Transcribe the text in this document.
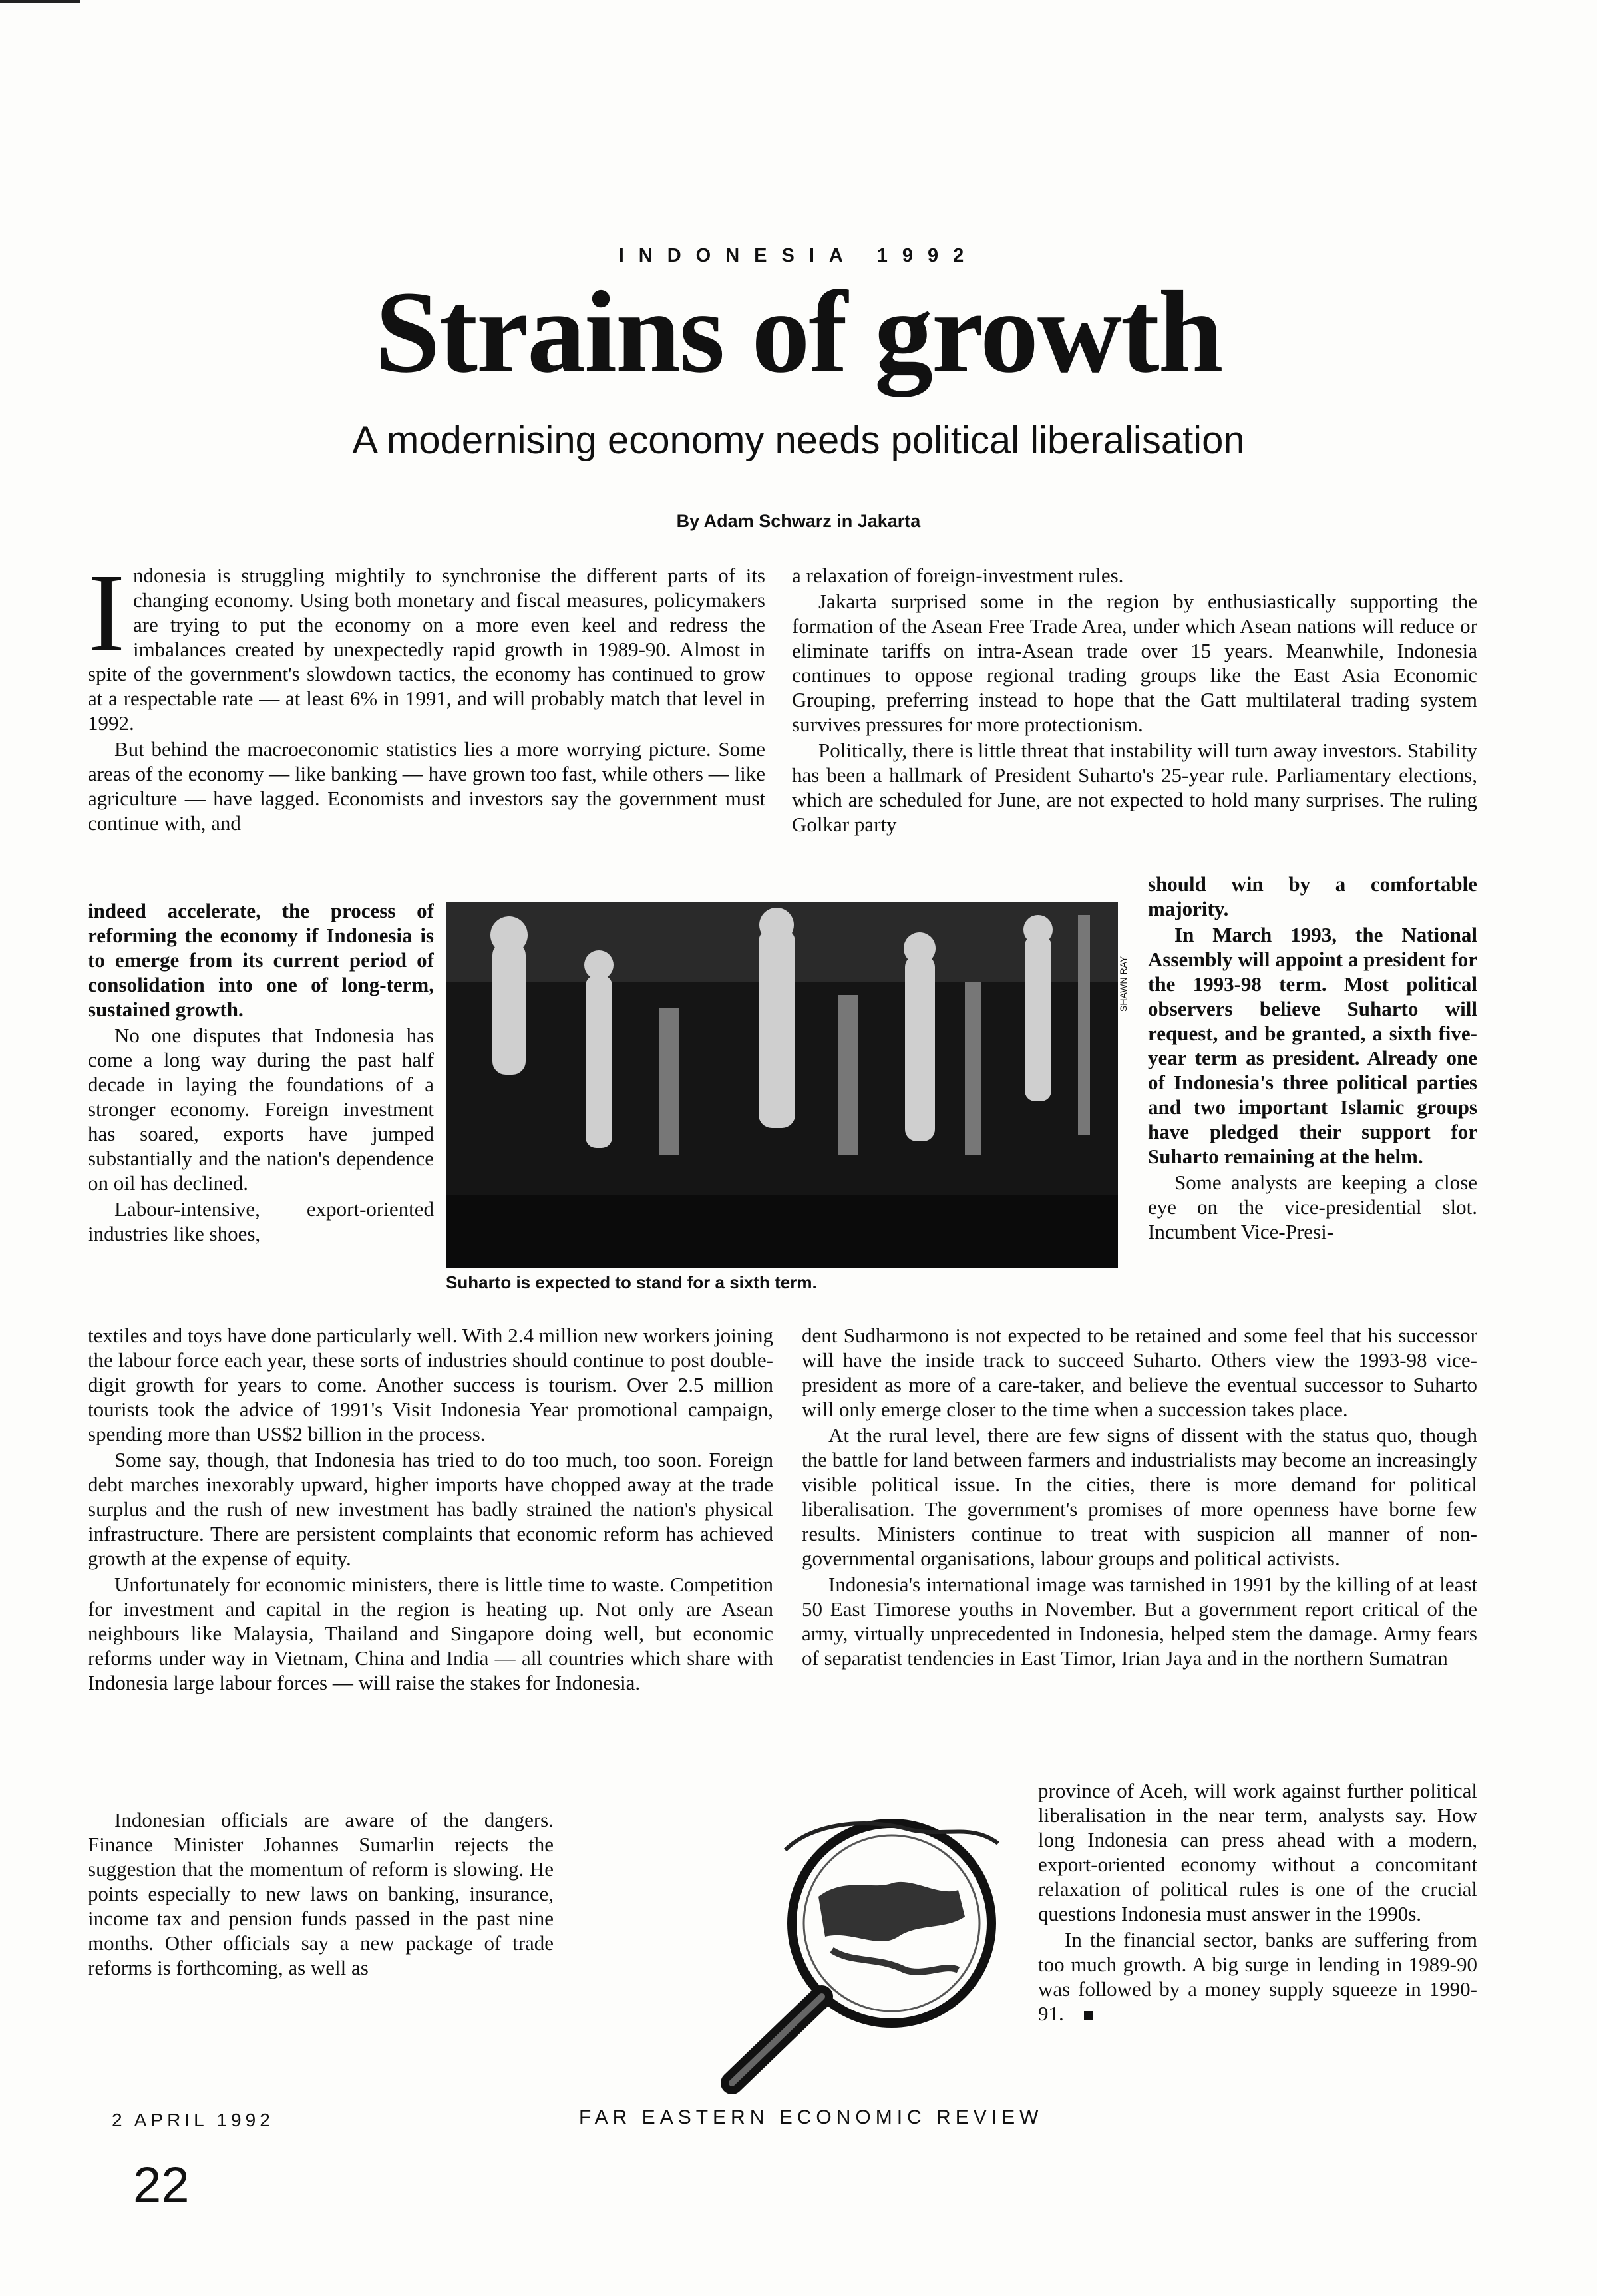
INDONESIA 1992
Strains of growth
A modernising economy needs political liberalisation
By Adam Schwarz in Jakarta

Indonesia is struggling mightily to synchronise the different parts of its changing economy. Using both monetary and fiscal measures, policymakers are trying to put the economy on a more even keel and redress the imbalances created by unexpectedly rapid growth in 1989-90. Almost in spite of the government's slowdown tactics, the economy has continued to grow at a respectable rate — at least 6% in 1991, and will probably match that level in 1992.

But behind the macroeconomic statistics lies a more worrying picture. Some areas of the economy — like banking — have grown too fast, while others — like agriculture — have lagged. Economists and investors say the government must continue with, and

indeed accelerate, the process of reforming the economy if Indonesia is to emerge from its current period of consolidation into one of long-term, sustained growth.

No one disputes that Indonesia has come a long way during the past half decade in laying the foundations of a stronger economy. Foreign investment has soared, exports have jumped substantially and the nation's dependence on oil has declined.

Labour-intensive, export-oriented industries like shoes,

SHAWN RAY
Suharto is expected to stand for a sixth term.

textiles and toys have done particularly well. With 2.4 million new workers joining the labour force each year, these sorts of industries should continue to post double-digit growth for years to come. Another success is tourism. Over 2.5 million tourists took the advice of 1991's Visit Indonesia Year promotional campaign, spending more than US$2 billion in the process.

Some say, though, that Indonesia has tried to do too much, too soon. Foreign debt marches inexorably upward, higher imports have chopped away at the trade surplus and the rush of new investment has badly strained the nation's physical infrastructure. There are persistent complaints that economic reform has achieved growth at the expense of equity.

Unfortunately for economic ministers, there is little time to waste. Competition for investment and capital in the region is heating up. Not only are Asean neighbours like Malaysia, Thailand and Singapore doing well, but economic reforms under way in Vietnam, China and India — all countries which share with Indonesia large labour forces — will raise the stakes for Indonesia.

Indonesian officials are aware of the dangers. Finance Minister Johannes Sumarlin rejects the suggestion that the momentum of reform is slowing. He points especially to new laws on banking, insurance, income tax and pension funds passed in the past nine months. Other officials say a new package of trade reforms is forthcoming, as well as

a relaxation of foreign-investment rules.

Jakarta surprised some in the region by enthusiastically supporting the formation of the Asean Free Trade Area, under which Asean nations will reduce or eliminate tariffs on intra-Asean trade over 15 years. Meanwhile, Indonesia continues to oppose regional trading groups like the East Asia Economic Grouping, preferring instead to hope that the Gatt multilateral trading system survives pressures for more protectionism.

Politically, there is little threat that instability will turn away investors. Stability has been a hallmark of President Suharto's 25-year rule. Parliamentary elections, which are scheduled for June, are not expected to hold many surprises. The ruling Golkar party

should win by a comfortable majority.

In March 1993, the National Assembly will appoint a president for the 1993-98 term. Most political observers believe Suharto will request, and be granted, a sixth five-year term as president. Already one of Indonesia's three political parties and two important Islamic groups have pledged their support for Suharto remaining at the helm.

Some analysts are keeping a close eye on the vice-presidential slot. Incumbent Vice-Presi-

dent Sudharmono is not expected to be retained and some feel that his successor will have the inside track to succeed Suharto. Others view the 1993-98 vice-president as more of a care-taker, and believe the eventual successor to Suharto will only emerge closer to the time when a succession takes place.

At the rural level, there are few signs of dissent with the status quo, though the battle for land between farmers and industrialists may become an increasingly visible political issue. In the cities, there is more demand for political liberalisation. The government's promises of more openness have borne few results. Ministers continue to treat with suspicion all manner of non-governmental organisations, labour groups and political activists.

Indonesia's international image was tarnished in 1991 by the killing of at least 50 East Timorese youths in November. But a government report critical of the army, virtually unprecedented in Indonesia, helped stem the damage. Army fears of separatist tendencies in East Timor, Irian Jaya and in the northern Sumatran

province of Aceh, will work against further political liberalisation in the near term, analysts say. How long Indonesia can press ahead with a modern, export-oriented economy without a concomitant relaxation of political rules is one of the crucial questions Indonesia must answer in the 1990s.

In the financial sector, banks are suffering from too much growth. A big surge in lending in 1989-90 was followed by a money supply squeeze in 1990-91.

2 APRIL 1992	FAR EASTERN ECONOMIC REVIEW
22
